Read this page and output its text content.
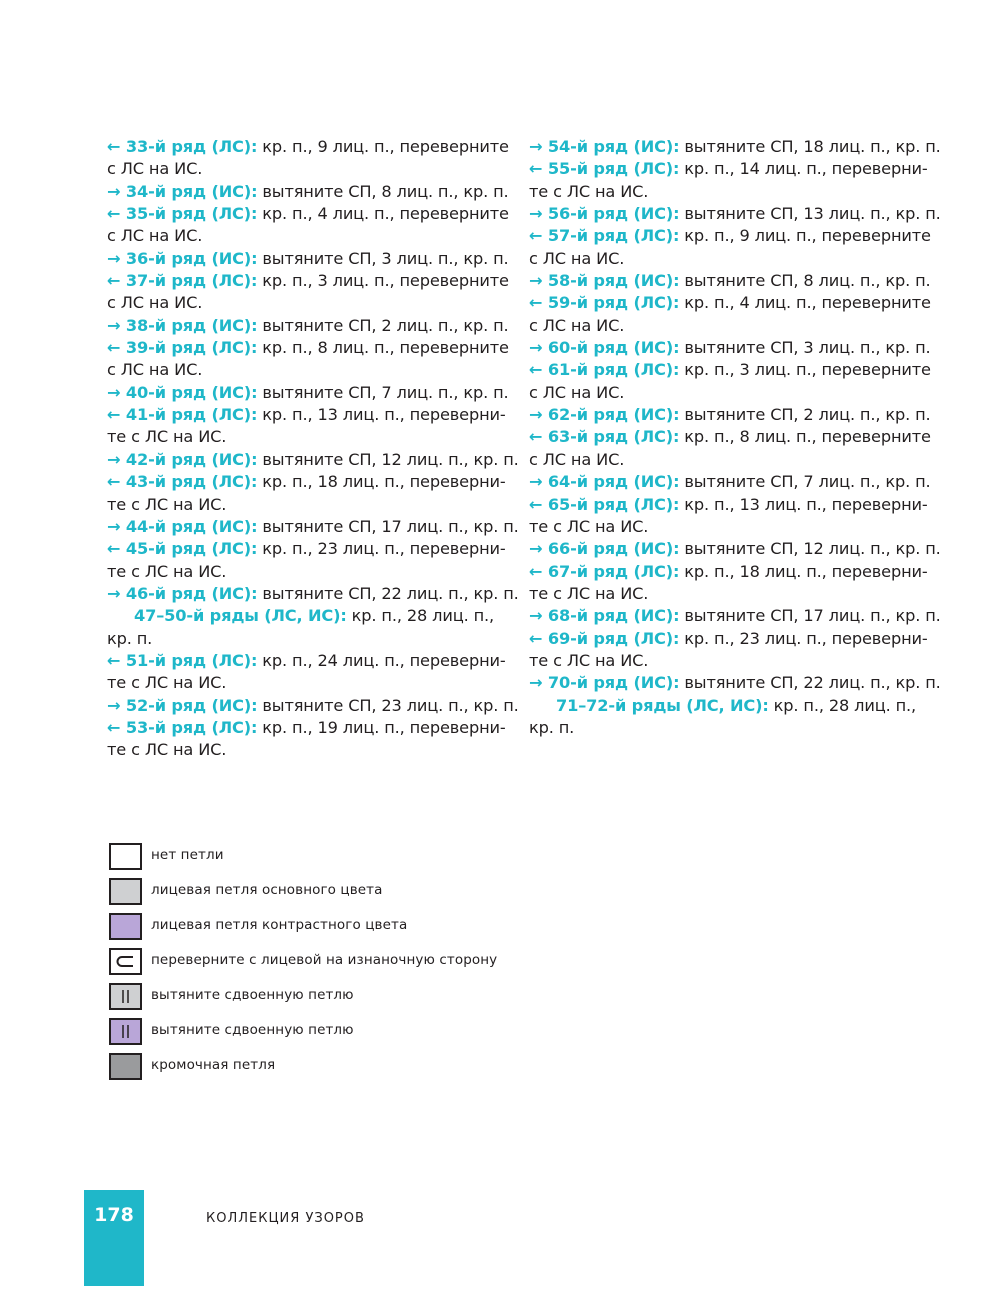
← 33-й ряд (ЛС): кр. п., 9 лиц. п., переверните
с ЛС на ИС.
→ 34-й ряд (ИС): вытяните СП, 8 лиц. п., кр. п.
← 35-й ряд (ЛС): кр. п., 4 лиц. п., переверните
с ЛС на ИС.
→ 36-й ряд (ИС): вытяните СП, 3 лиц. п., кр. п.
← 37-й ряд (ЛС): кр. п., 3 лиц. п., переверните
с ЛС на ИС.
→ 38-й ряд (ИС): вытяните СП, 2 лиц. п., кр. п.
← 39-й ряд (ЛС): кр. п., 8 лиц. п., переверните
с ЛС на ИС.
→ 40-й ряд (ИС): вытяните СП, 7 лиц. п., кр. п.
← 41-й ряд (ЛС): кр. п., 13 лиц. п., переверни-
те с ЛС на ИС.
→ 42-й ряд (ИС): вытяните СП, 12 лиц. п., кр. п.
← 43-й ряд (ЛС): кр. п., 18 лиц. п., переверни-
те с ЛС на ИС.
→ 44-й ряд (ИС): вытяните СП, 17 лиц. п., кр. п.
← 45-й ряд (ЛС): кр. п., 23 лиц. п., переверни-
те с ЛС на ИС.
→ 46-й ряд (ИС): вытяните СП, 22 лиц. п., кр. п.
47–50-й ряды (ЛС, ИС): кр. п., 28 лиц. п.,
кр. п.
← 51-й ряд (ЛС): кр. п., 24 лиц. п., переверни-
те с ЛС на ИС.
→ 52-й ряд (ИС): вытяните СП, 23 лиц. п., кр. п.
← 53-й ряд (ЛС): кр. п., 19 лиц. п., переверни-
те с ЛС на ИС.
→ 54-й ряд (ИС): вытяните СП, 18 лиц. п., кр. п.
← 55-й ряд (ЛС): кр. п., 14 лиц. п., переверни-
те с ЛС на ИС.
→ 56-й ряд (ИС): вытяните СП, 13 лиц. п., кр. п.
← 57-й ряд (ЛС): кр. п., 9 лиц. п., переверните
с ЛС на ИС.
→ 58-й ряд (ИС): вытяните СП, 8 лиц. п., кр. п.
← 59-й ряд (ЛС): кр. п., 4 лиц. п., переверните
с ЛС на ИС.
→ 60-й ряд (ИС): вытяните СП, 3 лиц. п., кр. п.
← 61-й ряд (ЛС): кр. п., 3 лиц. п., переверните
с ЛС на ИС.
→ 62-й ряд (ИС): вытяните СП, 2 лиц. п., кр. п.
← 63-й ряд (ЛС): кр. п., 8 лиц. п., переверните
с ЛС на ИС.
→ 64-й ряд (ИС): вытяните СП, 7 лиц. п., кр. п.
← 65-й ряд (ЛС): кр. п., 13 лиц. п., переверни-
те с ЛС на ИС.
→ 66-й ряд (ИС): вытяните СП, 12 лиц. п., кр. п.
← 67-й ряд (ЛС): кр. п., 18 лиц. п., переверни-
те с ЛС на ИС.
→ 68-й ряд (ИС): вытяните СП, 17 лиц. п., кр. п.
← 69-й ряд (ЛС): кр. п., 23 лиц. п., переверни-
те с ЛС на ИС.
→ 70-й ряд (ИС): вытяните СП, 22 лиц. п., кр. п.
71–72-й ряды (ЛС, ИС): кр. п., 28 лиц. п.,
кр. п.
нет петли
лицевая петля основного цвета
лицевая петля контрастного цвета
переверните с лицевой на изнаночную сторону
вытяните сдвоенную петлю
вытяните сдвоенную петлю
кромочная петля
178	КОЛЛЕКЦИЯ УЗОРОВ
